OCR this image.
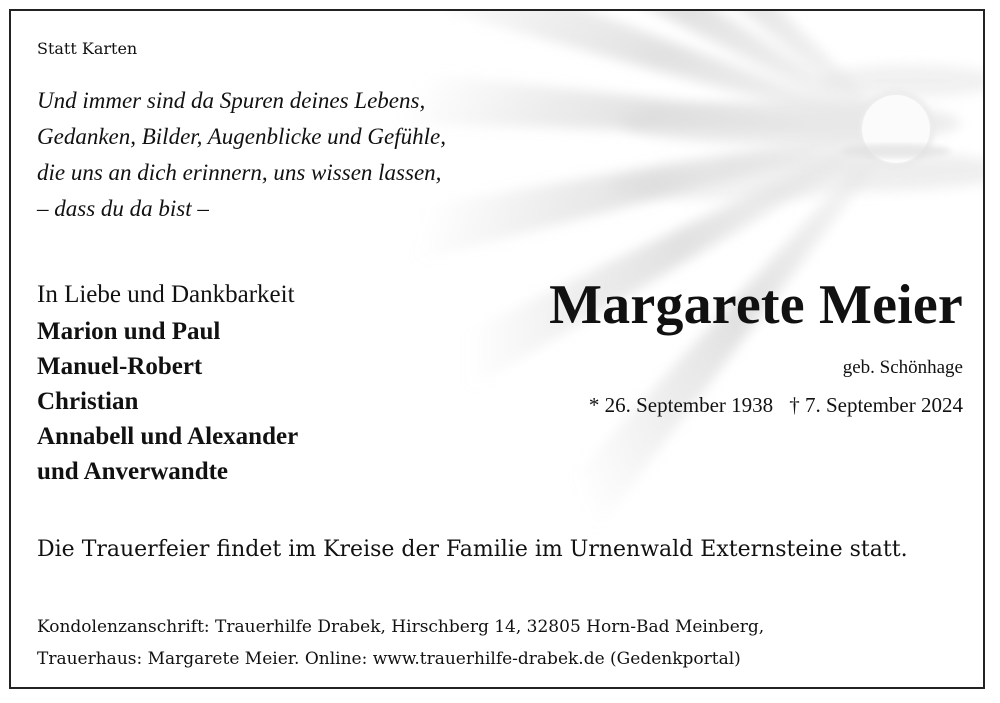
Statt Karten
Und immer sind da Spuren deines Lebens,
Gedanken, Bilder, Augenblicke und Gefühle,
die uns an dich erinnern, uns wissen lassen,
– dass du da bist –
In Liebe und Dankbarkeit
Marion und Paul
Manuel-Robert
Christian
Annabell und Alexander
und Anverwandte
Margarete Meier
geb. Schönhage
* 26. September 1938 † 7. September 2024
Die Trauerfeier findet im Kreise der Familie im Urnenwald Externsteine statt.
Kondolenzanschrift: Trauerhilfe Drabek, Hirschberg 14, 32805 Horn-Bad Meinberg,
Trauerhaus: Margarete Meier. Online: www.trauerhilfe-drabek.de (Gedenkportal)
